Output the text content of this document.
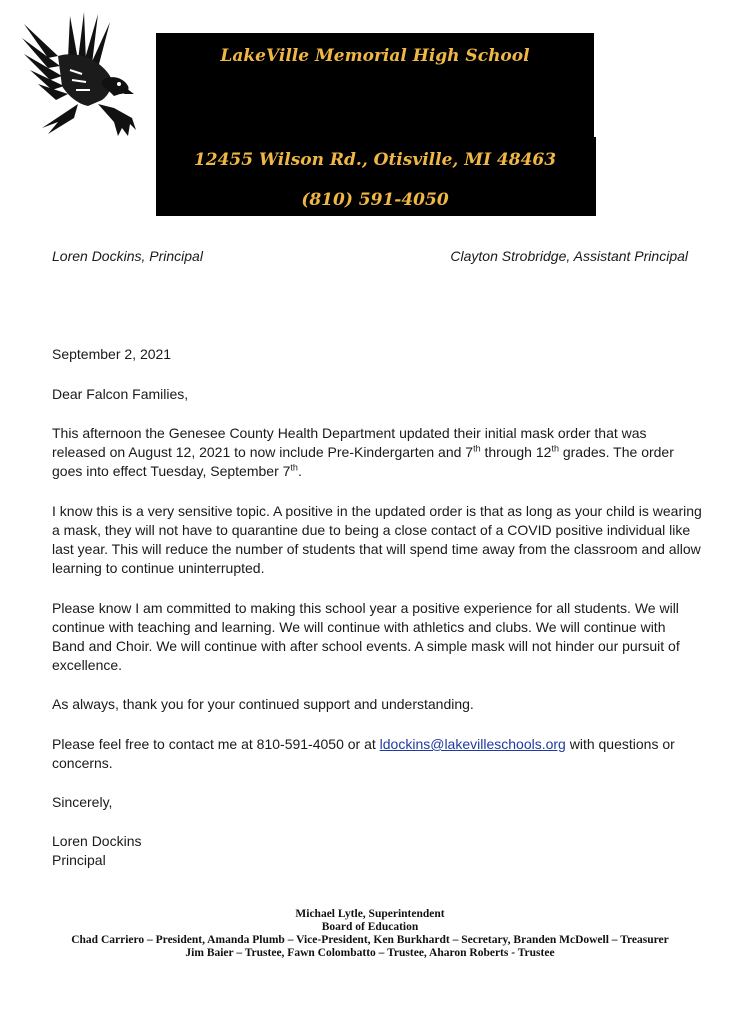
LakeVille Memorial High School
12455 Wilson Rd., Otisville, MI 48463
(810) 591-4050
Loren Dockins, Principal	Clayton Strobridge, Assistant Principal

September 2, 2021

Dear Falcon Families,

This afternoon the Genesee County Health Department updated their initial mask order that was released on August 12, 2021 to now include Pre-Kindergarten and 7th through 12th grades. The order goes into effect Tuesday, September 7th.

I know this is a very sensitive topic. A positive in the updated order is that as long as your child is wearing a mask, they will not have to quarantine due to being a close contact of a COVID positive individual like last year. This will reduce the number of students that will spend time away from the classroom and allow learning to continue uninterrupted.

Please know I am committed to making this school year a positive experience for all students. We will continue with teaching and learning. We will continue with athletics and clubs. We will continue with Band and Choir. We will continue with after school events. A simple mask will not hinder our pursuit of excellence.

As always, thank you for your continued support and understanding.

Please feel free to contact me at 810-591-4050 or at ldockins@lakevilleschools.org with questions or concerns.

Sincerely,

Loren Dockins

Principal

Michael Lytle, Superintendent
Board of Education
Chad Carriero – President, Amanda Plumb – Vice-President, Ken Burkhardt – Secretary, Branden McDowell – Treasurer
Jim Baier – Trustee, Fawn Colombatto – Trustee, Aharon Roberts - Trustee
